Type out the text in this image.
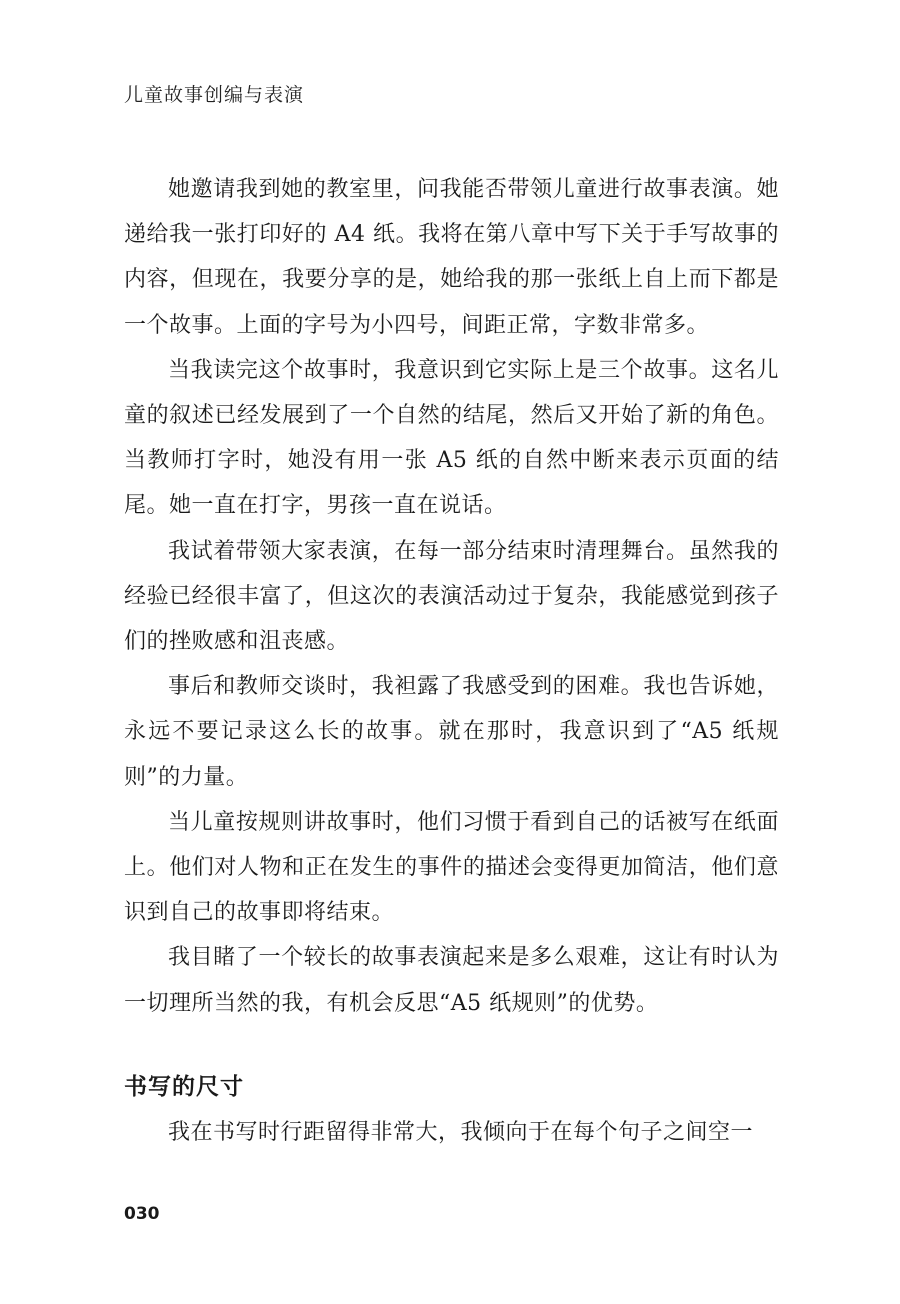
儿童故事创编与表演

她邀请我到她的教室里，问我能否带领儿童进行故事表演。她递给我一张打印好的 A4 纸。我将在第八章中写下关于手写故事的内容，但现在，我要分享的是，她给我的那一张纸上自上而下都是一个故事。上面的字号为小四号，间距正常，字数非常多。

当我读完这个故事时，我意识到它实际上是三个故事。这名儿童的叙述已经发展到了一个自然的结尾，然后又开始了新的角色。当教师打字时，她没有用一张 A5 纸的自然中断来表示页面的结尾。她一直在打字，男孩一直在说话。

我试着带领大家表演，在每一部分结束时清理舞台。虽然我的经验已经很丰富了，但这次的表演活动过于复杂，我能感觉到孩子们的挫败感和沮丧感。

事后和教师交谈时，我袒露了我感受到的困难。我也告诉她，永远不要记录这么长的故事。就在那时，我意识到了“A5 纸规则”的力量。

当儿童按规则讲故事时，他们习惯于看到自己的话被写在纸面上。他们对人物和正在发生的事件的描述会变得更加简洁，他们意识到自己的故事即将结束。

我目睹了一个较长的故事表演起来是多么艰难，这让有时认为一切理所当然的我，有机会反思“A5 纸规则”的优势。

书写的尺寸

我在书写时行距留得非常大，我倾向于在每个句子之间空一

030
